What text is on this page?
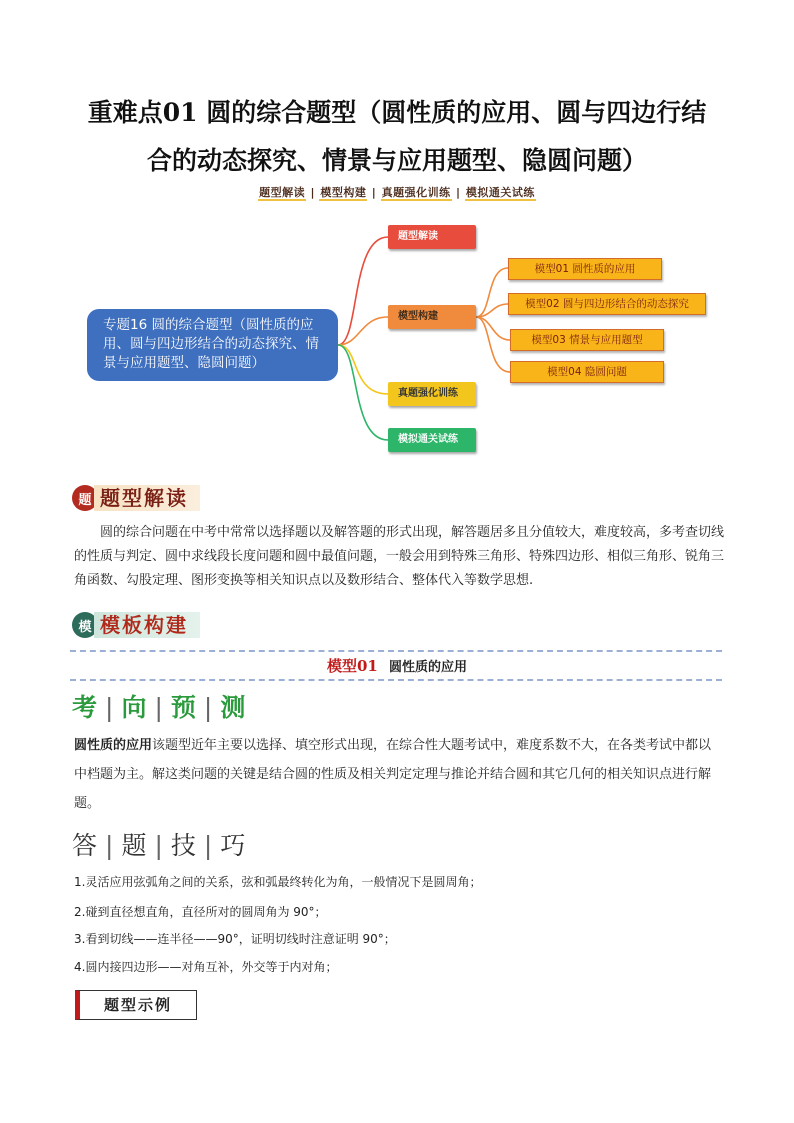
重难点01 圆的综合题型（圆性质的应用、圆与四边行结
合的动态探究、情景与应用题型、隐圆问题）
题型解读 | 模型构建 | 真题强化训练 | 模拟通关试练
专题16 圆的综合题型（圆性质的应用、圆与四边形结合的动态探究、情景与应用题型、隐圆问题）
题型解读
模型构建
真题强化训练
模拟通关试练
模型01 圆性质的应用
模型02 圆与四边形结合的动态探究
模型03 情景与应用题型
模型04 隐圆问题
题 题型解读
圆的综合问题在中考中常常以选择题以及解答题的形式出现，解答题居多且分值较大，难度较高，多考查切线的性质与判定、圆中求线段长度问题和圆中最值问题，一般会用到特殊三角形、特殊四边形、相似三角形、锐角三角函数、勾股定理、图形变换等相关知识点以及数形结合、整体代入等数学思想.
模 模板构建
模型01 圆性质的应用
考 | 向 | 预 | 测
圆性质的应用该题型近年主要以选择、填空形式出现，在综合性大题考试中，难度系数不大，在各类考试中都以中档题为主。解这类问题的关键是结合圆的性质及相关判定定理与推论并结合圆和其它几何的相关知识点进行解题。
答 | 题 | 技 | 巧
1.灵活应用弦弧角之间的关系，弦和弧最终转化为角，一般情况下是圆周角；
2.碰到直径想直角，直径所对的圆周角为 90°；
3.看到切线——连半径——90°，证明切线时注意证明 90°；
4.圆内接四边形——对角互补，外交等于内对角；
题型示例
